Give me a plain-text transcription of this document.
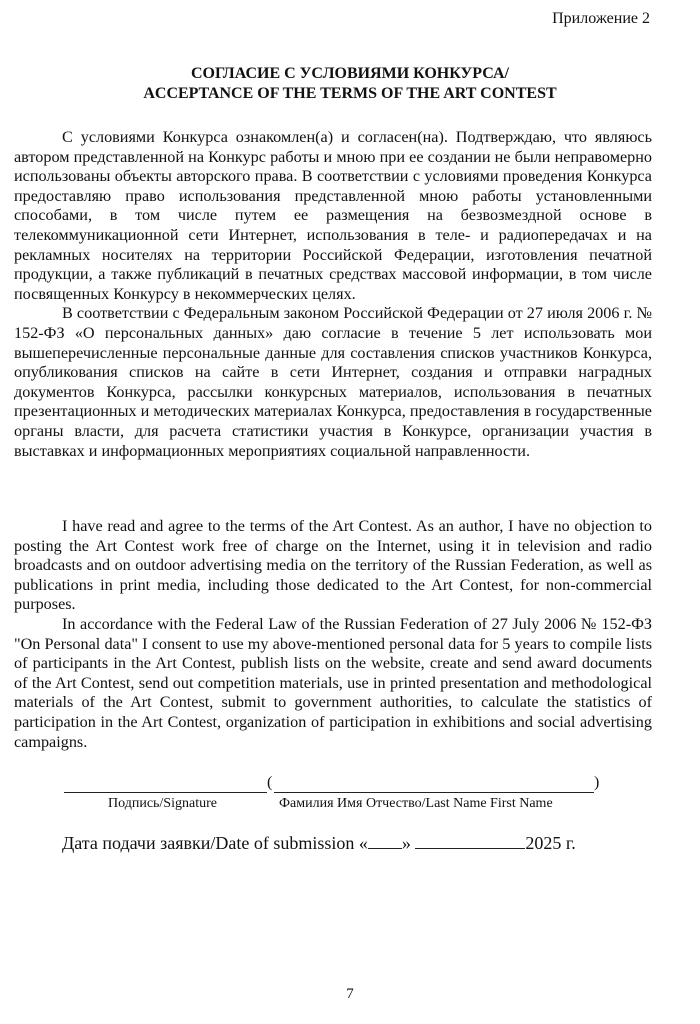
Приложение 2
СОГЛАСИЕ С УСЛОВИЯМИ КОНКУРСА/
ACCEPTANCE OF THE TERMS OF THE ART CONTEST

С условиями Конкурса ознакомлен(а) и согласен(на). Подтверждаю, что являюсь автором представленной на Конкурс работы и мною при ее создании не были неправомерно использованы объекты авторского права. В соответствии с условиями проведения Конкурса предоставляю право использования представленной мною работы установленными способами, в том числе путем ее размещения на безвозмездной основе в телекоммуникационной сети Интернет, использования в теле- и радиопередачах и на рекламных носителях на территории Российской Федерации, изготовления печатной продукции, а также публикаций в печатных средствах массовой информации, в том числе посвященных Конкурсу в некоммерческих целях.

В соответствии с Федеральным законом Российской Федерации от 27 июля 2006 г. № 152-ФЗ «О персональных данных» даю согласие в течение 5 лет использовать мои вышеперечисленные персональные данные для составления списков участников Конкурса, опубликования списков на сайте в сети Интернет, создания и отправки наградных документов Конкурса, рассылки конкурсных материалов, использования в печатных презентационных и методических материалах Конкурса, предоставления в государственные органы власти, для расчета статистики участия в Конкурсе, организации участия в выставках и информационных мероприятиях социальной направленности.

I have read and agree to the terms of the Art Contest. As an author, I have no objection to posting the Art Contest work free of charge on the Internet, using it in television and radio broadcasts and on outdoor advertising media on the territory of the Russian Federation, as well as publications in print media, including those dedicated to the Art Contest, for non-commercial purposes.

In accordance with the Federal Law of the Russian Federation of 27 July 2006 № 152-ФЗ "On Personal data" I consent to use my above-mentioned personal data for 5 years to compile lists of participants in the Art Contest, publish lists on the website, create and send award documents of the Art Contest, send out competition materials, use in printed presentation and methodological materials of the Art Contest, submit to government authorities, to calculate the statistics of participation in the Art Contest, organization of participation in exhibitions and social advertising campaigns.

(	)
Подпись/Signature	Фамилия Имя Отчество/Last Name First Name
Дата подачи заявки/Date of submission « »	2025 г.
7
